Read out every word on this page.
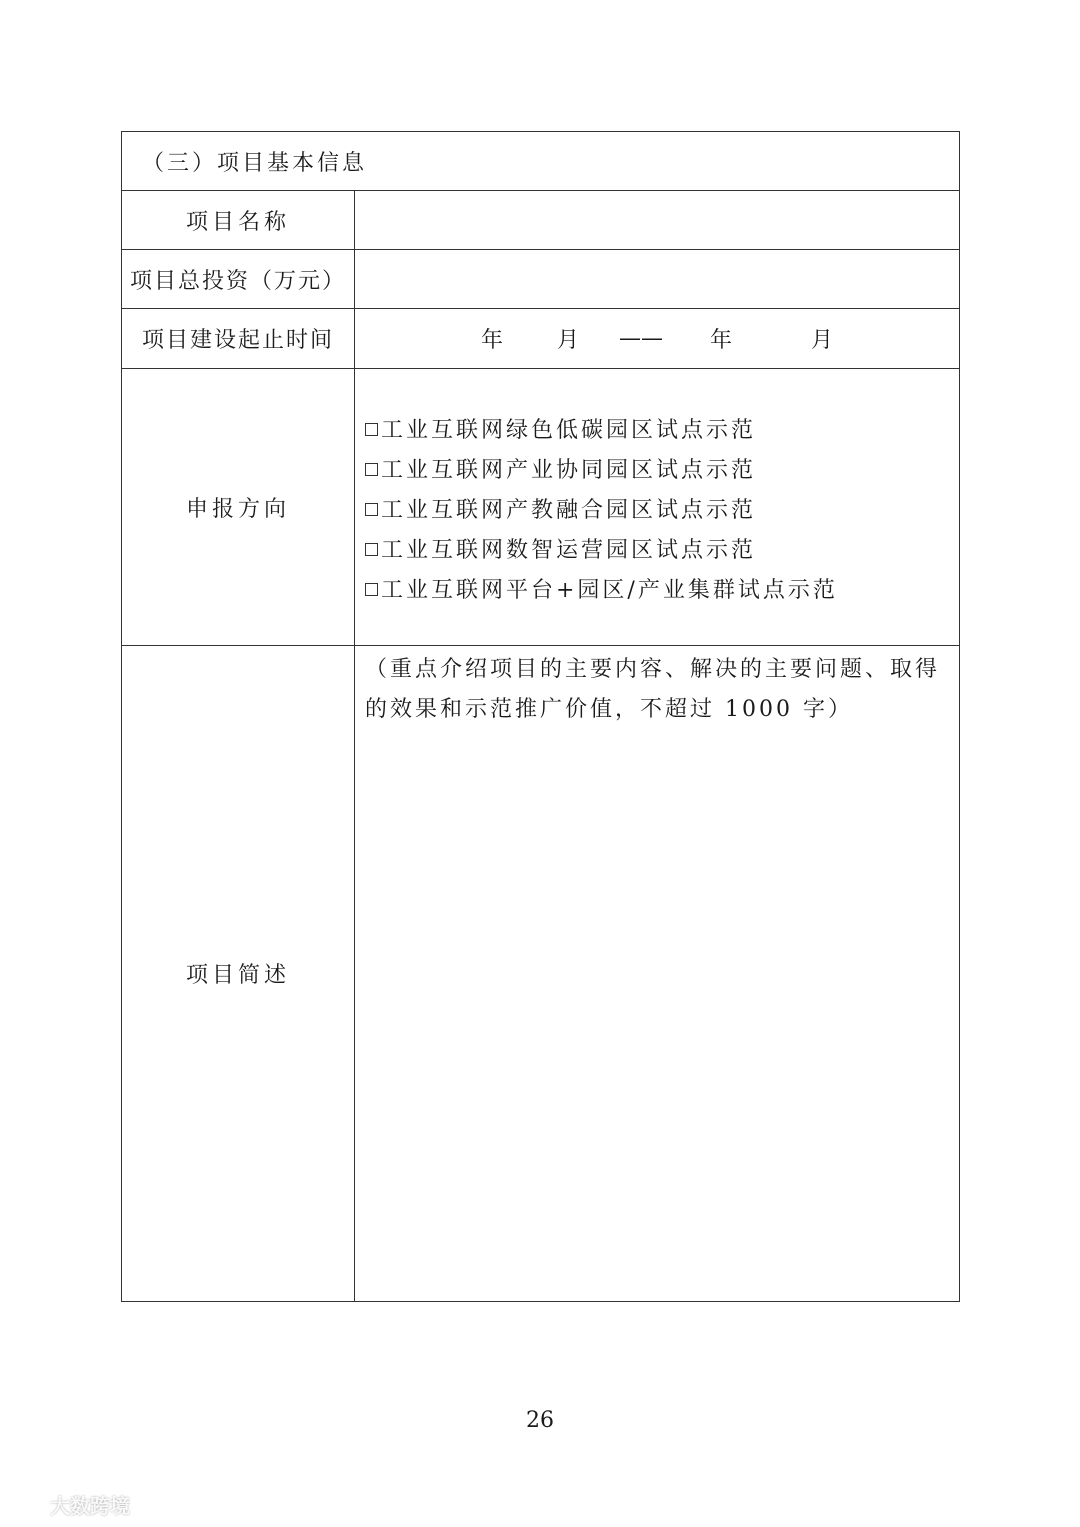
（三）项目基本信息
项目名称
项目总投资（万元）
项目建设起止时间	年 月 —— 年	月
申报方向
工业互联网绿色低碳园区试点示范
工业互联网产业协同园区试点示范
工业互联网产教融合园区试点示范
工业互联网数智运营园区试点示范
工业互联网平台+园区/产业集群试点示范
项目简述
（重点介绍项目的主要内容、解决的主要问题、取得的效果和示范推广价值，不超过 1000 字）
26
大数跨境
